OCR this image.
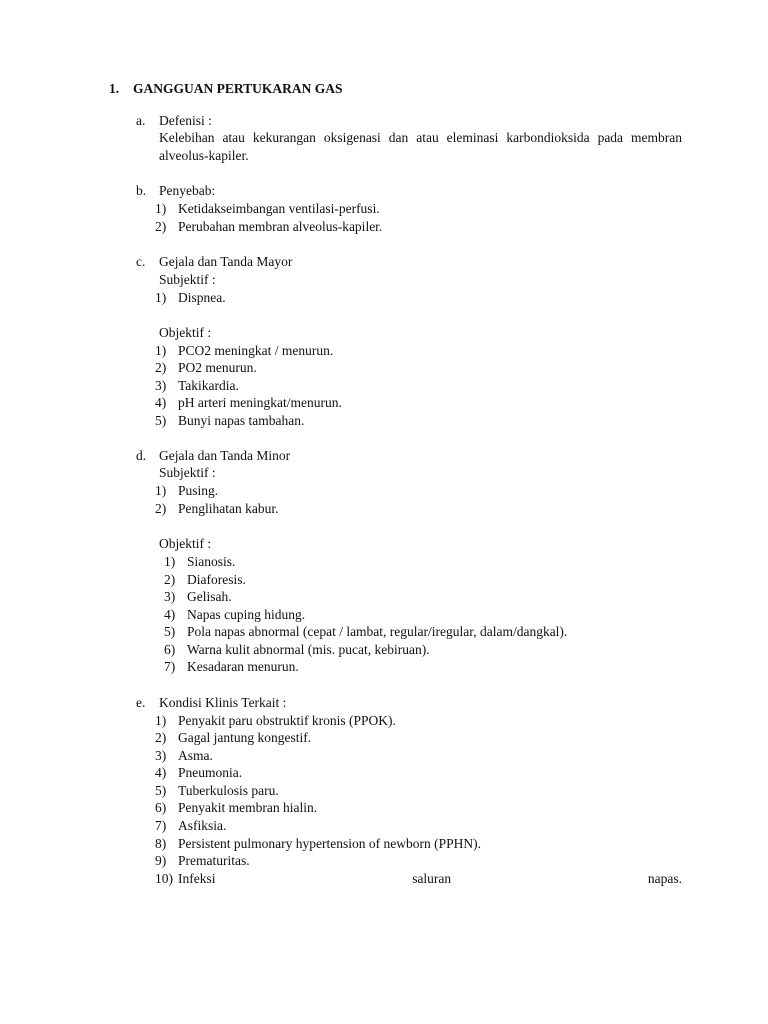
1. GANGGUAN PERTUKARAN GAS
a. Defenisi :
Kelebihan atau kekurangan oksigenasi dan atau eleminasi karbondioksida pada membran alveolus-kapiler.
b. Penyebab:
1) Ketidakseimbangan ventilasi-perfusi.
2) Perubahan membran alveolus-kapiler.
c. Gejala dan Tanda Mayor
Subjektif :
1) Dispnea.
Objektif :
1) PCO2 meningkat / menurun.
2) PO2 menurun.
3) Takikardia.
4) pH arteri meningkat/menurun.
5) Bunyi napas tambahan.
d. Gejala dan Tanda Minor
Subjektif :
1) Pusing.
2) Penglihatan kabur.
Objektif :
1) Sianosis.
2) Diaforesis.
3) Gelisah.
4) Napas cuping hidung.
5) Pola napas abnormal (cepat / lambat, regular/iregular, dalam/dangkal).
6) Warna kulit abnormal (mis. pucat, kebiruan).
7) Kesadaran menurun.
e. Kondisi Klinis Terkait :
1) Penyakit paru obstruktif kronis (PPOK).
2) Gagal jantung kongestif.
3) Asma.
4) Pneumonia.
5) Tuberkulosis paru.
6) Penyakit membran hialin.
7) Asfiksia.
8) Persistent pulmonary hypertension of newborn (PPHN).
9) Prematuritas.
10) Infeksi	saluran	napas.
